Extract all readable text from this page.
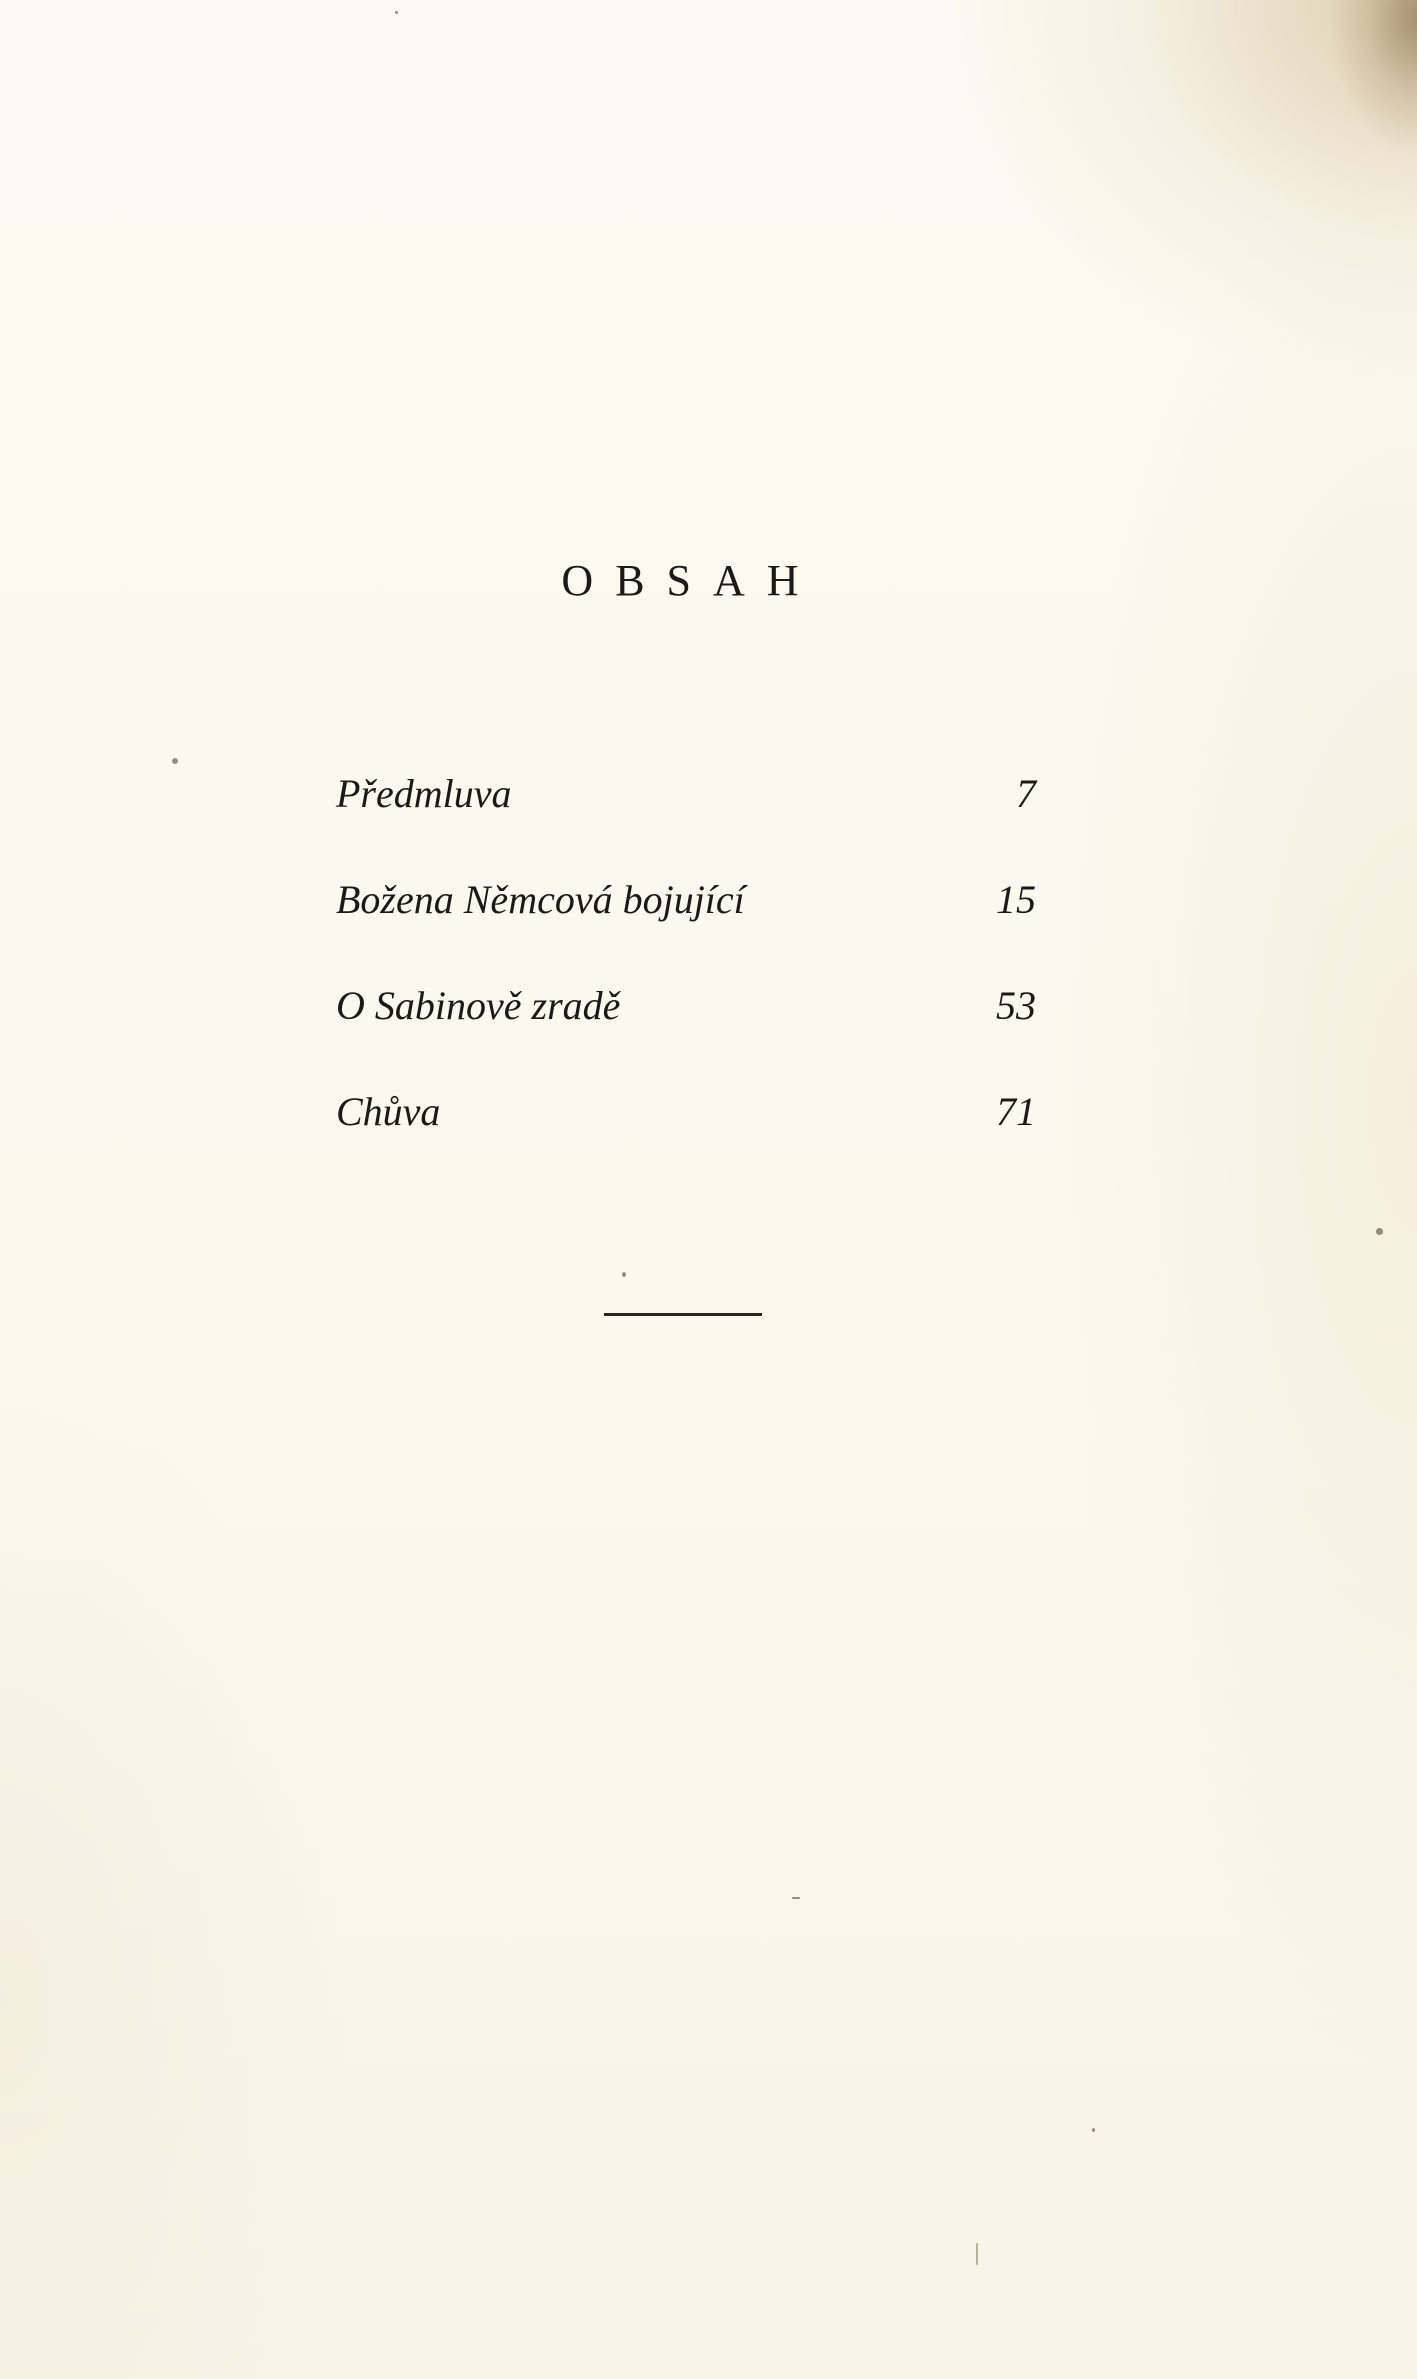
OBSAH
Předmluva	7
Božena Němcová bojující	15
O Sabinově zradě	53
Chůva	71
